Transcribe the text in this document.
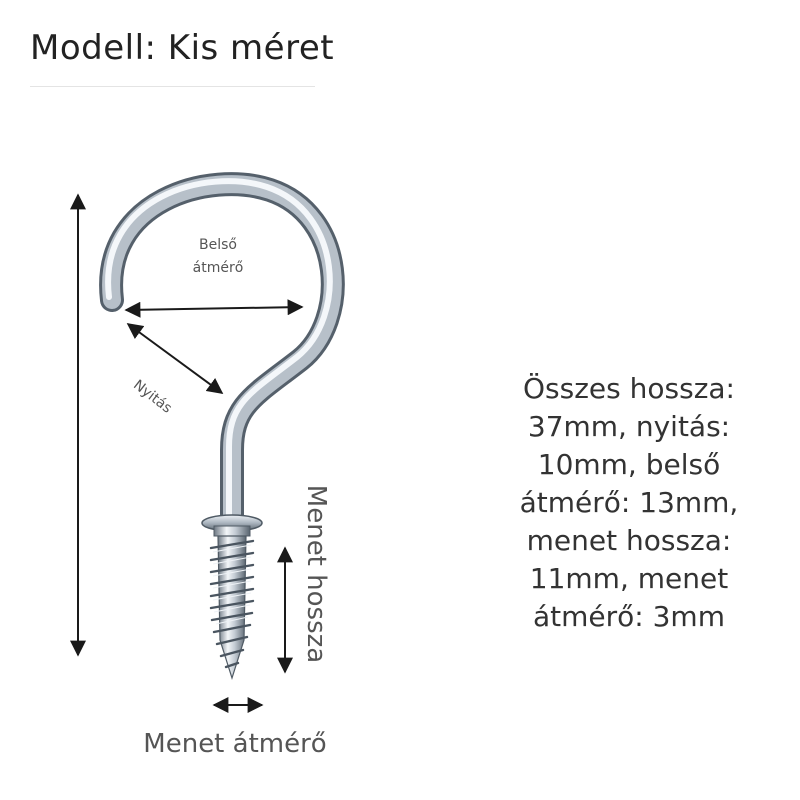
Modell: Kis méret
Belső
átmérő
Nyitás
Menet hossza
Menet átmérő
Összes hossza:
37mm, nyitás:
10mm, belső
átmérő: 13mm,
menet hossza:
11mm, menet
átmérő: 3mm
